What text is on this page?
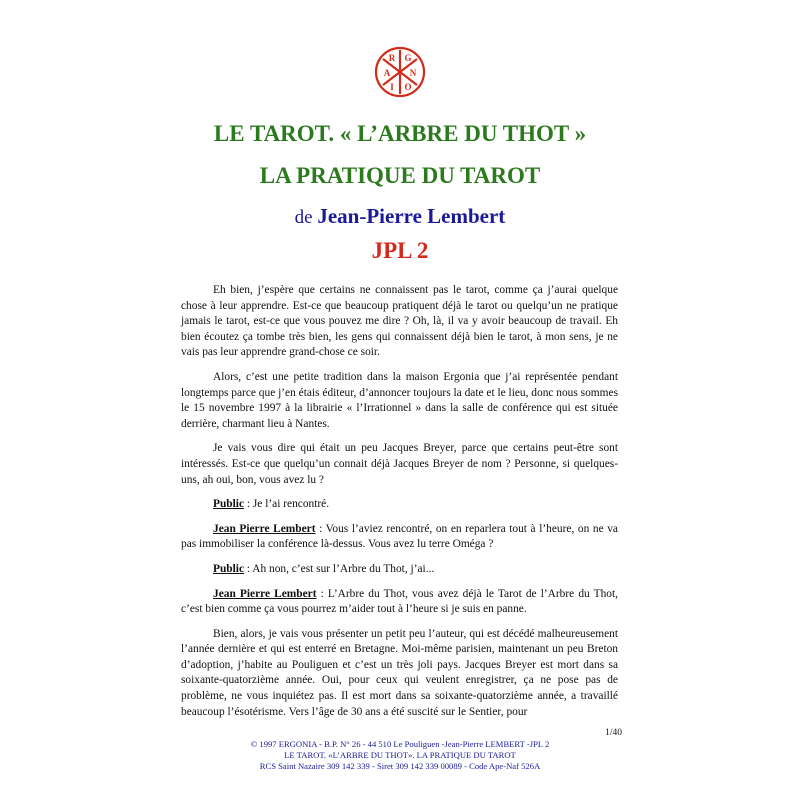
R G
N
O
I
A
LE TAROT. « L’ARBRE DU THOT »
LA PRATIQUE DU TAROT
de Jean-Pierre Lembert
JPL 2

Eh bien, j’espère que certains ne connaissent pas le tarot, comme ça j’aurai quelque chose à leur apprendre. Est-ce que beaucoup pratiquent déjà le tarot ou quelqu’un ne pratique jamais le tarot, est-ce que vous pouvez me dire ? Oh, là, il va y avoir beaucoup de travail. Eh bien écoutez ça tombe très bien, les gens qui connaissent déjà bien le tarot, à mon sens, je ne vais pas leur apprendre grand-chose ce soir.

Alors, c’est une petite tradition dans la maison Ergonia que j’ai représentée pendant longtemps parce que j’en étais éditeur, d’annoncer toujours la date et le lieu, donc nous sommes le 15 novembre 1997 à la librairie « l’Irrationnel » dans la salle de conférence qui est située derrière, charmant lieu à Nantes.

Je vais vous dire qui était un peu Jacques Breyer, parce que certains peut-être sont intéressés. Est-ce que quelqu’un connait déjà Jacques Breyer de nom ? Personne, si quelques-uns, ah oui, bon, vous avez lu ?

Public : Je l’ai rencontré.

Jean Pierre Lembert : Vous l’aviez rencontré, on en reparlera tout à l’heure, on ne va pas immobiliser la conférence là-dessus. Vous avez lu terre Oméga ?

Public : Ah non, c’est sur l’Arbre du Thot, j’ai...

Jean Pierre Lembert : L’Arbre du Thot, vous avez déjà le Tarot de l’Arbre du Thot, c’est bien comme ça vous pourrez m’aider tout à l’heure si je suis en panne.

Bien, alors, je vais vous présenter un petit peu l’auteur, qui est décédé malheureusement l’année dernière et qui est enterré en Bretagne. Moi-même parisien, maintenant un peu Breton d’adoption, j’habite au Pouliguen et c’est un très joli pays. Jacques Breyer est mort dans sa soixante-quatorzième année. Oui, pour ceux qui veulent enregistrer, ça ne pose pas de problème, ne vous inquiétez pas. Il est mort dans sa soixante-quatorzième année, a travaillé beaucoup l’ésotérisme. Vers l’âge de 30 ans a été suscité sur le Sentier, pour

1/40
© 1997 ERGONIA - B.P. N° 26 - 44 510 Le Pouliguen -Jean-Pierre LEMBERT -JPL 2
LE TAROT. «L’ARBRE DU THOT». LA PRATIQUE DU TAROT
RCS Saint Nazaire 309 142 339 - Siret 309 142 339 00089 - Code Ape-Naf 526A
